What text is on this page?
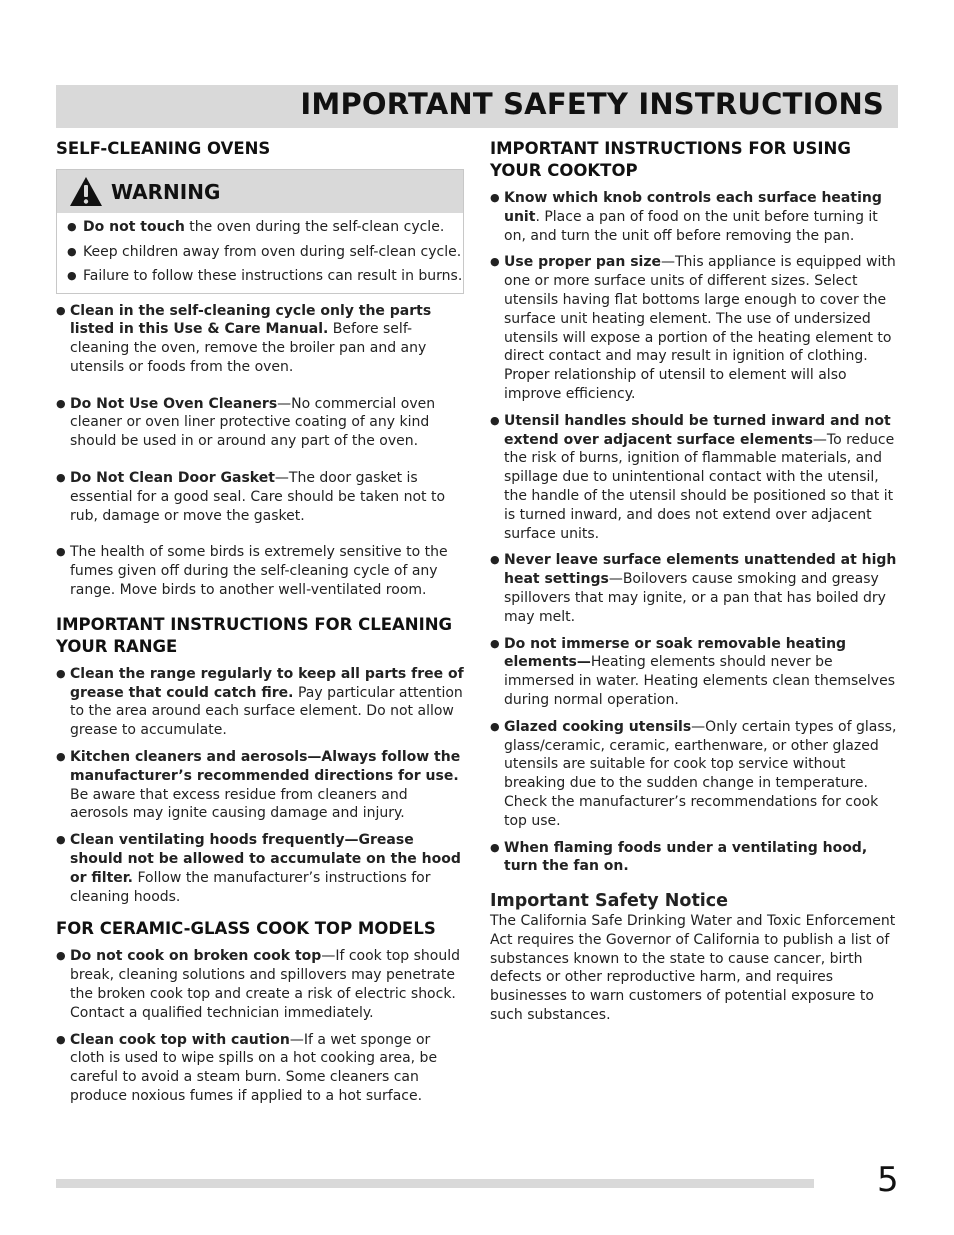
IMPORTANT SAFETY INSTRUCTIONS
SELF-CLEANING OVENS
WARNING
● Do not touch the oven during the self-clean cycle.
● Keep children away from oven during self-clean cycle.
● Failure to follow these instructions can result in burns.
● Clean in the self-cleaning cycle only the parts listed in this Use & Care Manual. Before self-cleaning the oven, remove the broiler pan and any utensils or foods from the oven.
● Do Not Use Oven Cleaners—No commercial oven cleaner or oven liner protective coating of any kind should be used in or around any part of the oven.
● Do Not Clean Door Gasket—The door gasket is essential for a good seal. Care should be taken not to rub, damage or move the gasket.
● The health of some birds is extremely sensitive to the fumes given off during the self-cleaning cycle of any range. Move birds to another well-ventilated room.
IMPORTANT INSTRUCTIONS FOR CLEANING YOUR RANGE
● Clean the range regularly to keep all parts free of grease that could catch fire. Pay particular attention to the area around each surface element. Do not allow grease to accumulate.
● Kitchen cleaners and aerosols—Always follow the manufacturer’s recommended directions for use. Be aware that excess residue from cleaners and aerosols may ignite causing damage and injury.
● Clean ventilating hoods frequently—Grease should not be allowed to accumulate on the hood or filter. Follow the manufacturer’s instructions for cleaning hoods.
FOR CERAMIC-GLASS COOK TOP MODELS
● Do not cook on broken cook top—If cook top should break, cleaning solutions and spillovers may penetrate the broken cook top and create a risk of electric shock. Contact a qualified technician immediately.
● Clean cook top with caution—If a wet sponge or cloth is used to wipe spills on a hot cooking area, be careful to avoid a steam burn. Some cleaners can produce noxious fumes if applied to a hot surface.
IMPORTANT INSTRUCTIONS FOR USING YOUR COOKTOP
● Know which knob controls each surface heating unit. Place a pan of food on the unit before turning it on, and turn the unit off before removing the pan.
● Use proper pan size—This appliance is equipped with one or more surface units of different sizes. Select utensils having flat bottoms large enough to cover the surface unit heating element. The use of undersized utensils will expose a portion of the heating element to direct contact and may result in ignition of clothing. Proper relationship of utensil to element will also improve efficiency.
● Utensil handles should be turned inward and not extend over adjacent surface elements—To reduce the risk of burns, ignition of flammable materials, and spillage due to unintentional contact with the utensil, the handle of the utensil should be positioned so that it is turned inward, and does not extend over adjacent surface units.
● Never leave surface elements unattended at high heat settings—Boilovers cause smoking and greasy spillovers that may ignite, or a pan that has boiled dry may melt.
● Do not immerse or soak removable heating elements—Heating elements should never be immersed in water. Heating elements clean themselves during normal operation.
● Glazed cooking utensils—Only certain types of glass, glass/ceramic, ceramic, earthenware, or other glazed utensils are suitable for cook top service without breaking due to the sudden change in temperature. Check the manufacturer’s recommendations for cook top use.
● When flaming foods under a ventilating hood, turn the fan on.
Important Safety Notice

The California Safe Drinking Water and Toxic Enforcement Act requires the Governor of California to publish a list of substances known to the state to cause cancer, birth defects or other reproductive harm, and requires businesses to warn customers of potential exposure to such substances.

5
